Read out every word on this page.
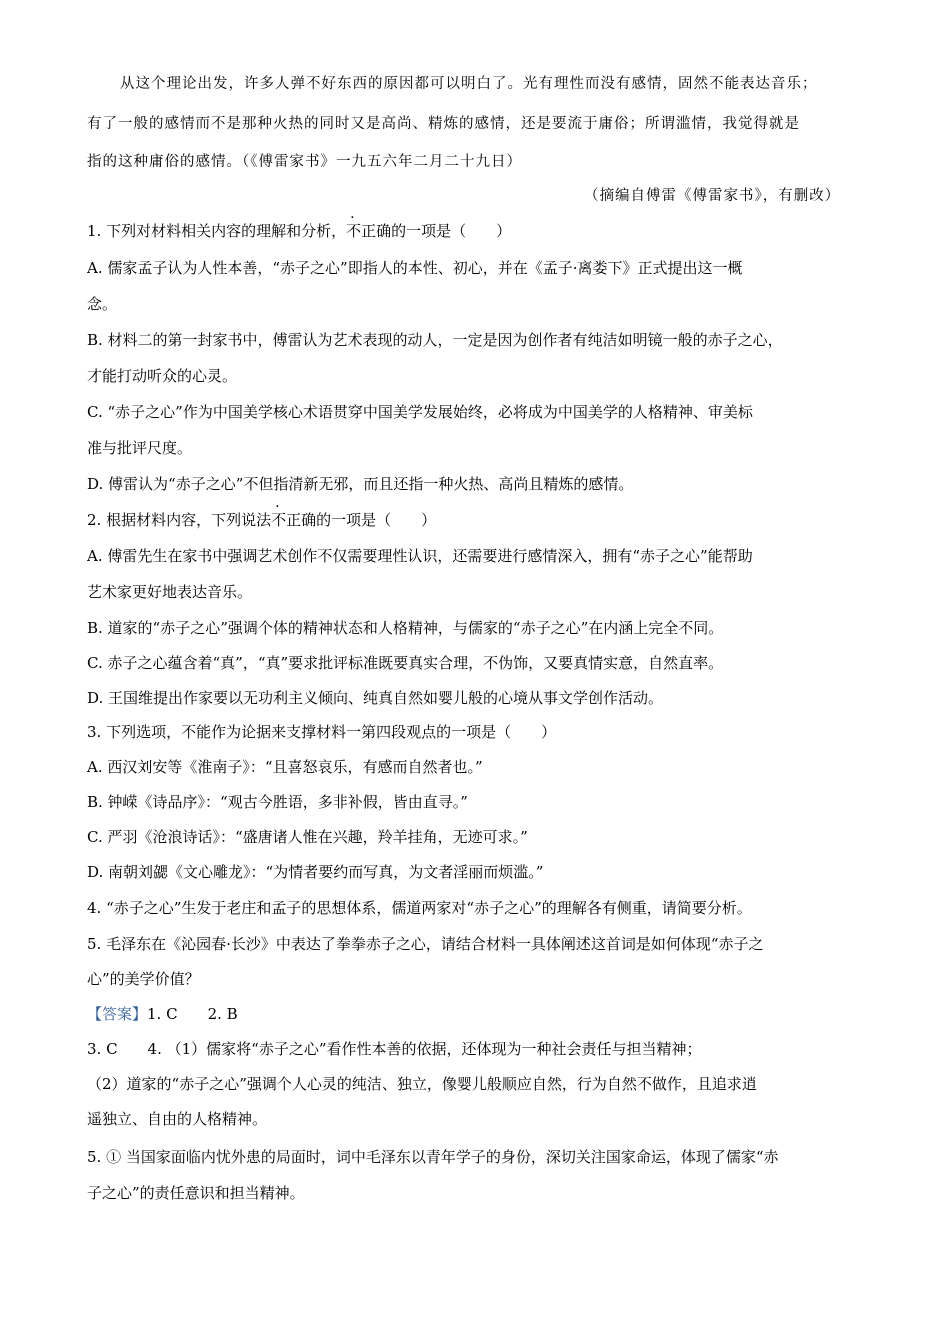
从这个理论出发，许多人弹不好东西的原因都可以明白了。光有理性而没有感情，固然不能表达音乐；
有了一般的感情而不是那种火热的同时又是高尚、精炼的感情，还是要流于庸俗；所谓滥情，我觉得就是
指的这种庸俗的感情。（《傅雷家书》一九五六年二月二十九日）
（摘编自傅雷《傅雷家书》，有删改）
1. 下列对材料相关内容的理解和分析，不正确的一项是（　　）
A. 儒家孟子认为人性本善，“赤子之心”即指人的本性、初心，并在《孟子·离娄下》正式提出这一概
念。
B. 材料二的第一封家书中，傅雷认为艺术表现的动人，一定是因为创作者有纯洁如明镜一般的赤子之心，
才能打动听众的心灵。
C. “赤子之心”作为中国美学核心术语贯穿中国美学发展始终，必将成为中国美学的人格精神、审美标
准与批评尺度。
D. 傅雷认为“赤子之心”不但指清新无邪，而且还指一种火热、高尚且精炼的感情。
2. 根据材料内容，下列说法不正确的一项是（　　）
A. 傅雷先生在家书中强调艺术创作不仅需要理性认识，还需要进行感情深入，拥有“赤子之心”能帮助
艺术家更好地表达音乐。
B. 道家的“赤子之心”强调个体的精神状态和人格精神，与儒家的“赤子之心”在内涵上完全不同。
C. 赤子之心蕴含着“真”，“真”要求批评标准既要真实合理，不伪饰，又要真情实意，自然直率。
D. 王国维提出作家要以无功利主义倾向、纯真自然如婴儿般的心境从事文学创作活动。
3. 下列选项，不能作为论据来支撑材料一第四段观点的一项是（　　）
A. 西汉刘安等《淮南子》：“且喜怒哀乐，有感而自然者也。”
B. 钟嵘《诗品序》：“观古今胜语，多非补假，皆由直寻。”
C. 严羽《沧浪诗话》：“盛唐诸人惟在兴趣，羚羊挂角，无迹可求。”
D. 南朝刘勰《文心雕龙》：“为情者要约而写真，为文者淫丽而烦滥。”
4. “赤子之心”生发于老庄和孟子的思想体系，儒道两家对“赤子之心”的理解各有侧重，请简要分析。
5. 毛泽东在《沁园春·长沙》中表达了拳拳赤子之心，请结合材料一具体阐述这首词是如何体现“赤子之
心”的美学价值？
【答案】1. C　　2. B
3. C　　4. （1）儒家将“赤子之心”看作性本善的依据，还体现为一种社会责任与担当精神；
（2）道家的“赤子之心”强调个人心灵的纯洁、独立，像婴儿般顺应自然，行为自然不做作，且追求逍
遥独立、自由的人格精神。
5. ① 当国家面临内忧外患的局面时，词中毛泽东以青年学子的身份，深切关注国家命运，体现了儒家“赤
子之心”的责任意识和担当精神。
